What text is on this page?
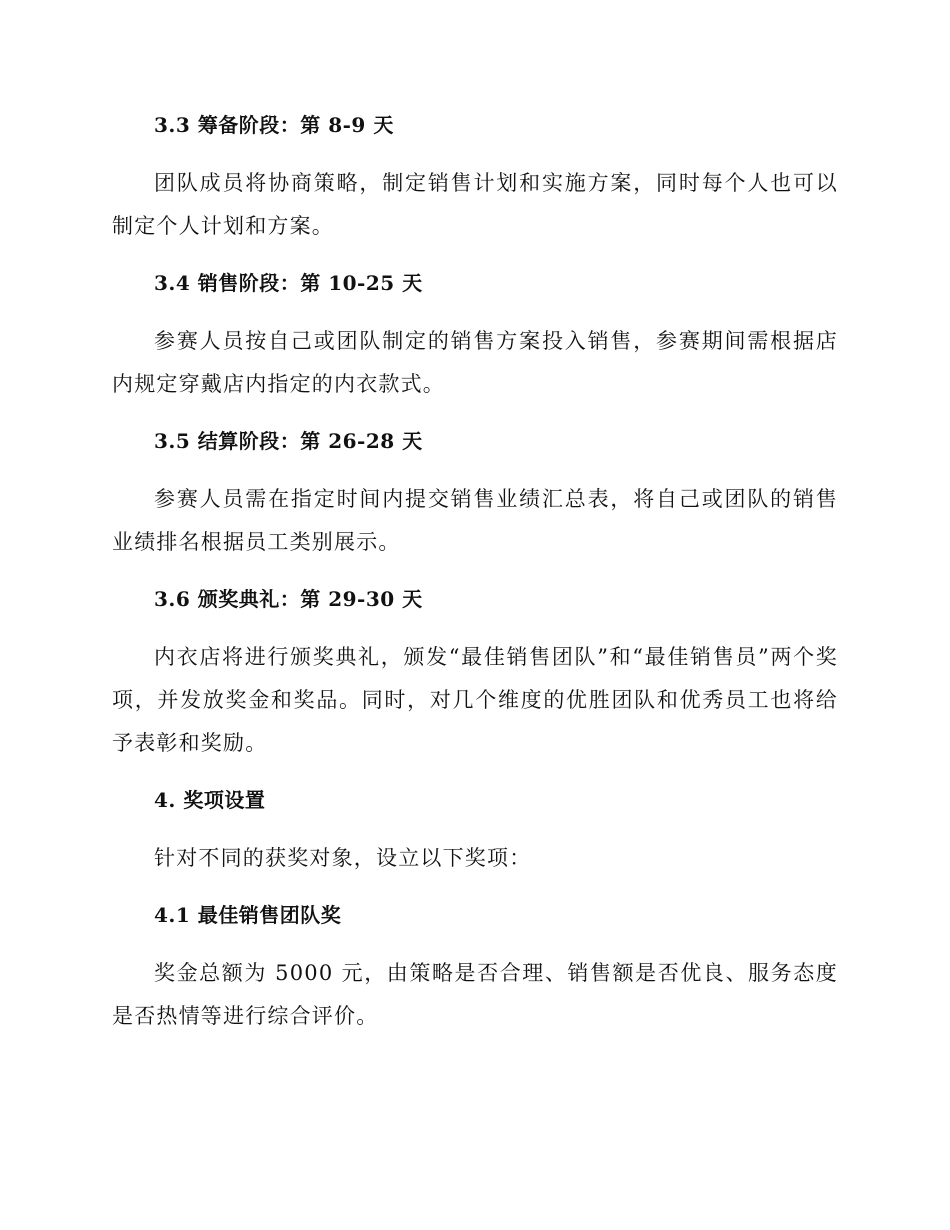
3.3 筹备阶段：第 8-9 天

团队成员将协商策略，制定销售计划和实施方案，同时每个人也可以制定个人计划和方案。

3.4 销售阶段：第 10-25 天

参赛人员按自己或团队制定的销售方案投入销售，参赛期间需根据店内规定穿戴店内指定的内衣款式。

3.5 结算阶段：第 26-28 天

参赛人员需在指定时间内提交销售业绩汇总表，将自己或团队的销售业绩排名根据员工类别展示。

3.6 颁奖典礼：第 29-30 天

内衣店将进行颁奖典礼，颁发“最佳销售团队”和“最佳销售员”两个奖项，并发放奖金和奖品。同时，对几个维度的优胜团队和优秀员工也将给予表彰和奖励。

4. 奖项设置

针对不同的获奖对象，设立以下奖项：

4.1 最佳销售团队奖

奖金总额为 5000 元，由策略是否合理、销售额是否优良、服务态度是否热情等进行综合评价。
